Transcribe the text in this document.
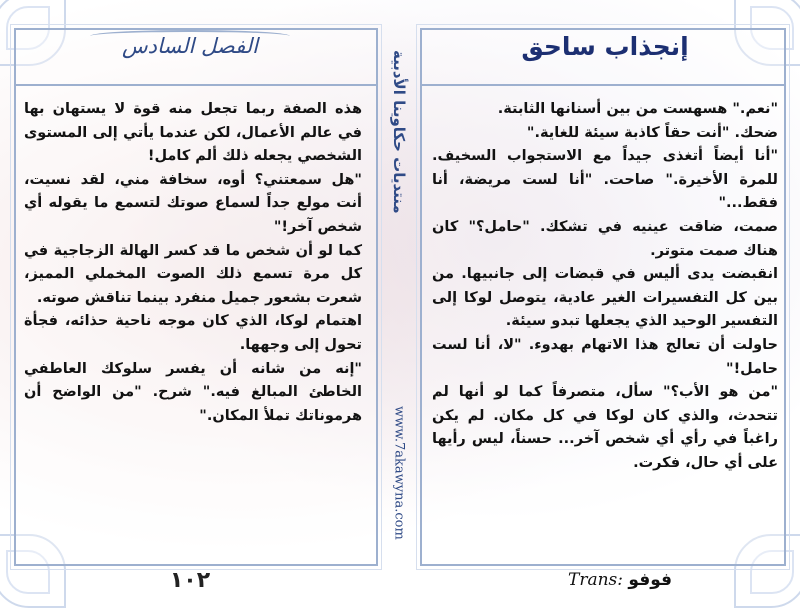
الفصل السادس

هذه الصفة ربما تجعل منه قوة لا يستهان بها في عالم الأعمال، لكن عندما يأتي إلى المستوى الشخصي يجعله ذلك ألم كامل!

"هل سمعتني؟ أوه، سخافة مني، لقد نسيت، أنت مولع جداً لسماع صوتك لتسمع ما يقوله أي شخص آخر!"

كما لو أن شخص ما قد كسر الهالة الزجاجية في كل مرة تسمع ذلك الصوت المخملي المميز، شعرت بشعور جميل منفرد بينما تناقش صوته.

اهتمام لوكا، الذي كان موجه ناحية حذائه، فجأة تحول إلى وجهها.

"إنه من شانه أن يفسر سلوكك العاطفي الخاطئ المبالغ فيه." شرح. "من الواضح أن هرموناتك تملأ المكان."

١٠٢
منتديات حكاوينا الأدبية
www.7akawyna.com
إنجذاب ساحق

"نعم." هسهست من بين أسنانها الثابتة.

ضحك. "أنت حقاً كاذبة سيئة للغاية."

"أنا أيضاً أتغذى جيداً مع الاستجواب السخيف. للمرة الأخيرة." صاحت. "أنا لست مريضة، أنا فقط..."

صمت، ضاقت عينيه في تشكك. "حامل؟" كان هناك صمت متوتر.

انقبضت يدى أليس في قبضات إلى جانبيها. من بين كل التفسيرات الغير عادية، يتوصل لوكا إلى التفسير الوحيد الذي يجعلها تبدو سيئة.

حاولت أن تعالج هذا الاتهام بهدوء. "لا، أنا لست حامل!"

"من هو الأب؟" سأل، متصرفاً كما لو أنها لم تتحدث، والذي كان لوكا في كل مكان. لم يكن راغباً في رأي أي شخص آخر... حسناً، ليس رأيها على أي حال، فكرت.

Trans: فوفو
